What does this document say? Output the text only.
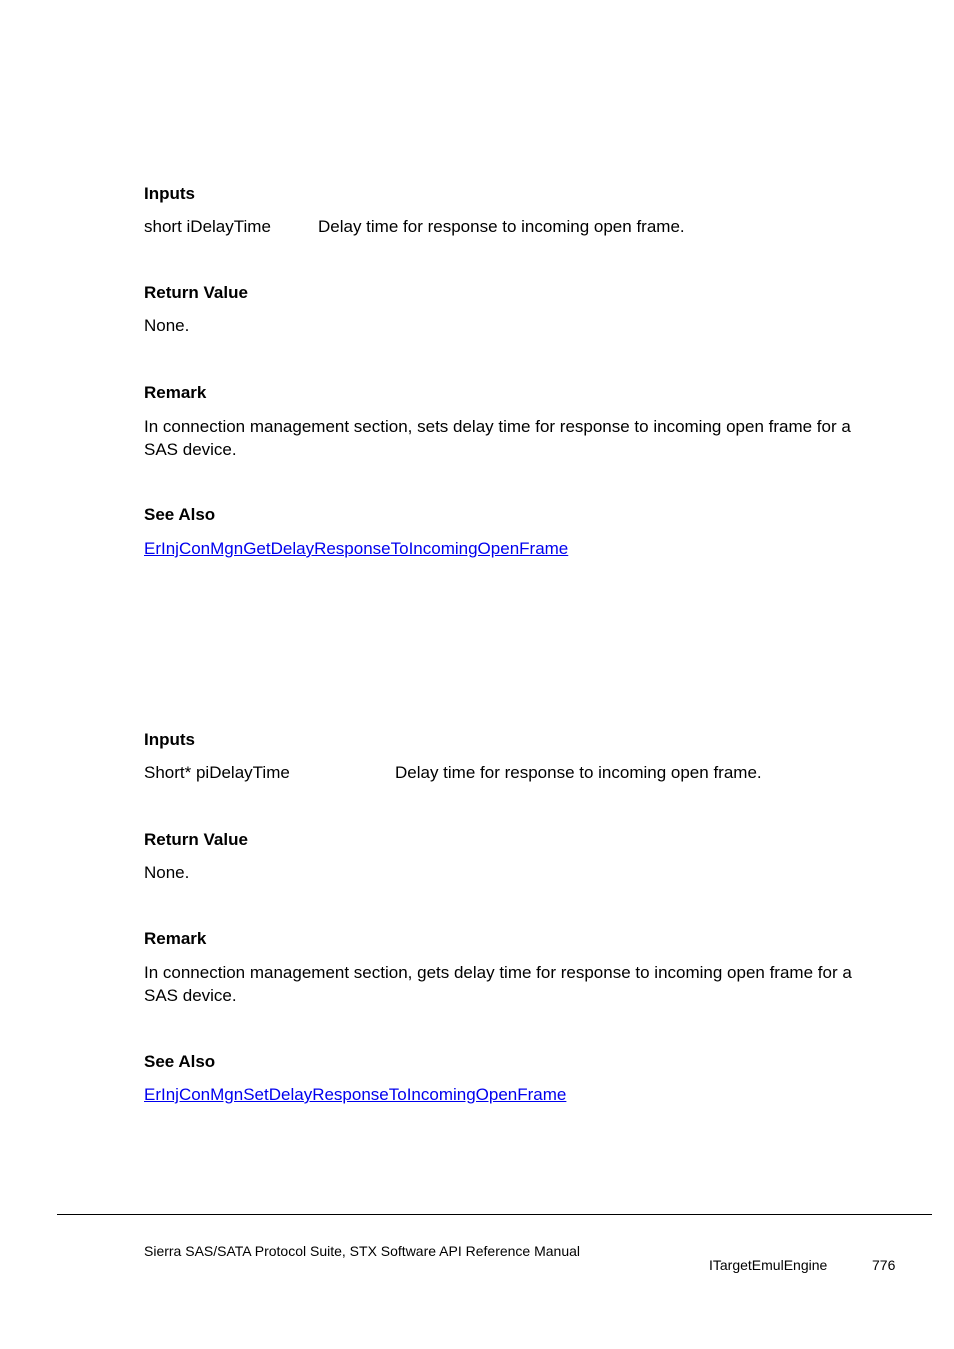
Inputs
short iDelayTime	Delay time for response to incoming open frame.
Return Value
None.
Remark
In connection management section, sets delay time for response to incoming open frame for a SAS device.
See Also
ErInjConMgnGetDelayResponseToIncomingOpenFrame
Inputs
Short* piDelayTime	Delay time for response to incoming open frame.
Return Value
None.
Remark
In connection management section, gets delay time for response to incoming open frame for a SAS device.
See Also
ErInjConMgnSetDelayResponseToIncomingOpenFrame
Sierra SAS/SATA Protocol Suite, STX Software API Reference Manual
ITargetEmulEngine	776
